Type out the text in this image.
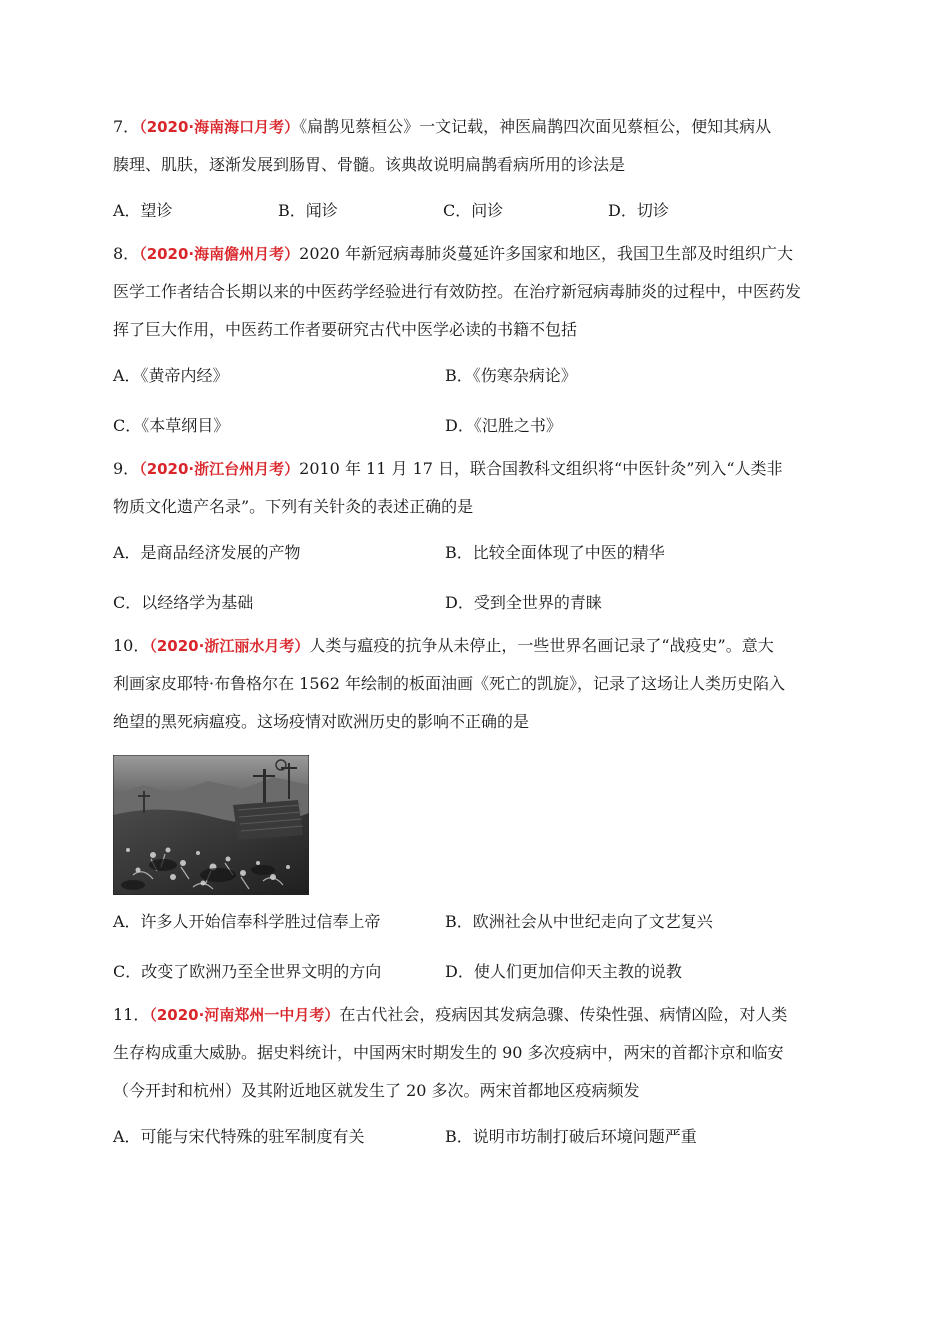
7．（2020·海南海口月考）《扁鹊见蔡桓公》一文记载，神医扁鹊四次面见蔡桓公，便知其病从
腠理、肌肤，逐渐发展到肠胃、骨髓。该典故说明扁鹊看病所用的诊法是

A．望诊	B．闻诊	C．问诊	D．切诊

8．（2020·海南儋州月考）2020 年新冠病毒肺炎蔓延许多国家和地区，我国卫生部及时组织广大
医学工作者结合长期以来的中医药学经验进行有效防控。在治疗新冠病毒肺炎的过程中，中医药发
挥了巨大作用，中医药工作者要研究古代中医学必读的书籍不包括

A．《黄帝内经》	B．《伤寒杂病论》
C．《本草纲目》	D．《氾胜之书》

9．（2020·浙江台州月考）2010 年 11 月 17 日，联合国教科文组织将“中医针灸”列入“人类非
物质文化遗产名录”。下列有关针灸的表述正确的是

A．是商品经济发展的产物	B．比较全面体现了中医的精华
C．以经络学为基础	D．受到全世界的青睐

10．（2020·浙江丽水月考）人类与瘟疫的抗争从未停止，一些世界名画记录了“战疫史”。意大
利画家皮耶特·布鲁格尔在 1562 年绘制的板面油画《死亡的凯旋》，记录了这场让人类历史陷入
绝望的黑死病瘟疫。这场疫情对欧洲历史的影响不正确的是

A．许多人开始信奉科学胜过信奉上帝	B．欧洲社会从中世纪走向了文艺复兴
C．改变了欧洲乃至全世界文明的方向	D．使人们更加信仰天主教的说教

11．（2020·河南郑州一中月考）在古代社会，疫病因其发病急骤、传染性强、病情凶险，对人类
生存构成重大威胁。据史料统计，中国两宋时期发生的 90 多次疫病中，两宋的首都汴京和临安
（今开封和杭州）及其附近地区就发生了 20 多次。两宋首都地区疫病频发

A．可能与宋代特殊的驻军制度有关	B．说明市坊制打破后环境问题严重
